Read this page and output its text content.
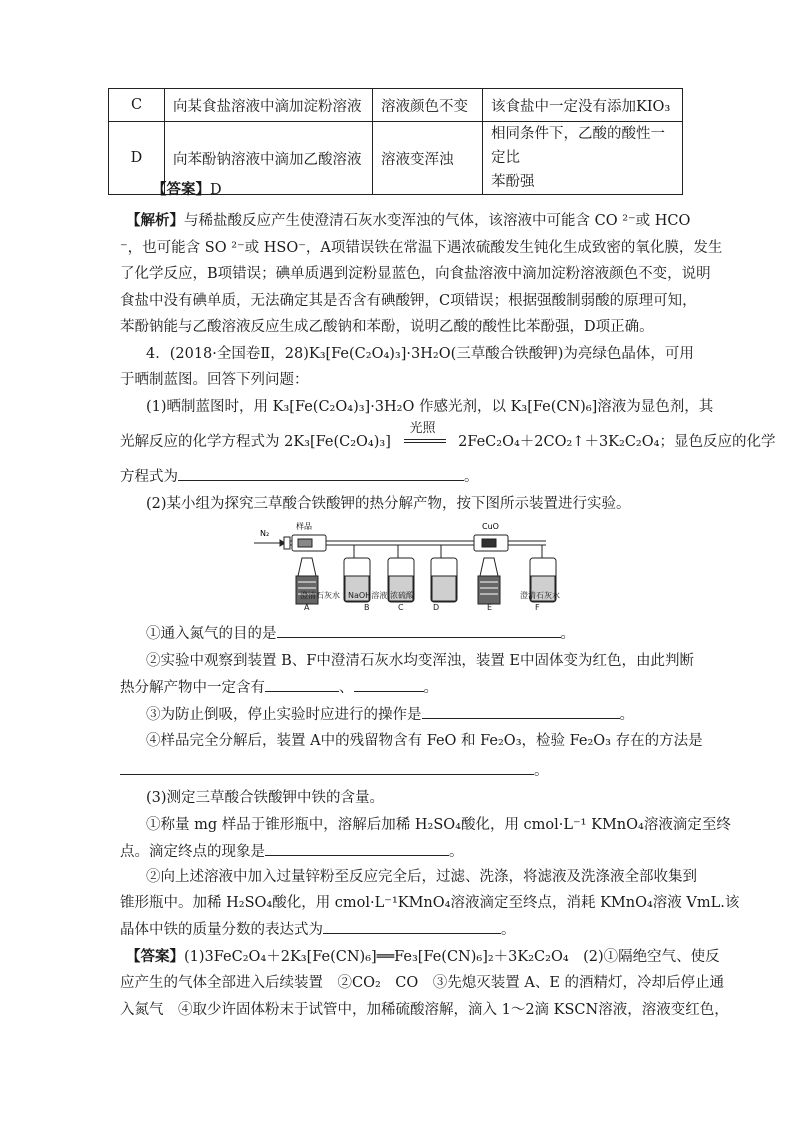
C	向某食盐溶液中滴加淀粉溶液	溶液颜色不变	该食盐中一定没有添加KIO₃
D	向苯酚钠溶液中滴加乙酸溶液	溶液变浑浊	相同条件下，乙酸的酸性一定比
苯酚强
【答案】D
【解析】与稀盐酸反应产生使澄清石灰水变浑浊的气体，该溶液中可能含 CO ²⁻或 HCO
⁻，也可能含 SO ²⁻或 HSO⁻，A项错误铁在常温下遇浓硫酸发生钝化生成致密的氧化膜，发生
了化学反应，B项错误；碘单质遇到淀粉显蓝色，向食盐溶液中滴加淀粉溶液颜色不变，说明
食盐中没有碘单质，无法确定其是否含有碘酸钾，C项错误；根据强酸制弱酸的原理可知，
苯酚钠能与乙酸溶液反应生成乙酸钠和苯酚，说明乙酸的酸性比苯酚强，D项正确。
4．(2018·全国卷Ⅱ，28)K₃[Fe(C₂O₄)₃]·3H₂O(三草酸合铁酸钾)为亮绿色晶体，可用
于晒制蓝图。回答下列问题：
(1)晒制蓝图时，用 K₃[Fe(C₂O₄)₃]·3H₂O 作感光剂，以 K₃[Fe(CN)₆]溶液为显色剂，其
光解反应的化学方程式为 2K₃[Fe(C₂O₄)₃]
光照
2FeC₂O₄＋2CO₂↑＋3K₂C₂O₄；显色反应的化学
方程式为	。
(2)某小组为探究三草酸合铁酸钾的热分解产物，按下图所示装置进行实验。
N₂
样品	CuO
澄清石灰水 NaOH溶液 浓硫酸	澄清石灰水
A	B	C	D	E	F
①通入氮气的目的是	。
②实验中观察到装置 B、F中澄清石灰水均变浑浊，装置 E中固体变为红色，由此判断
热分解产物中一定含有	、	。
③为防止倒吸，停止实验时应进行的操作是	。
④样品完全分解后，装置 A中的残留物含有 FeO 和 Fe₂O₃，检验 Fe₂O₃ 存在的方法是
。
(3)测定三草酸合铁酸钾中铁的含量。
①称量 mg 样品于锥形瓶中，溶解后加稀 H₂SO₄酸化，用 cmol·L⁻¹ KMnO₄溶液滴定至终
点。滴定终点的现象是	。
②向上述溶液中加入过量锌粉至反应完全后，过滤、洗涤，将滤液及洗涤液全部收集到
锥形瓶中。加稀 H₂SO₄酸化，用 cmol·L⁻¹KMnO₄溶液滴定至终点，消耗 KMnO₄溶液 VmL.该
晶体中铁的质量分数的表达式为	。
【答案】(1)3FeC₂O₄＋2K₃[Fe(CN)₆]══Fe₃[Fe(CN)₆]₂＋3K₂C₂O₄　(2)①隔绝空气、使反
应产生的气体全部进入后续装置　②CO₂　CO　③先熄灭装置 A、E 的酒精灯，冷却后停止通
入氮气　④取少许固体粉末于试管中，加稀硫酸溶解，滴入 1～2滴 KSCN溶液，溶液变红色，
